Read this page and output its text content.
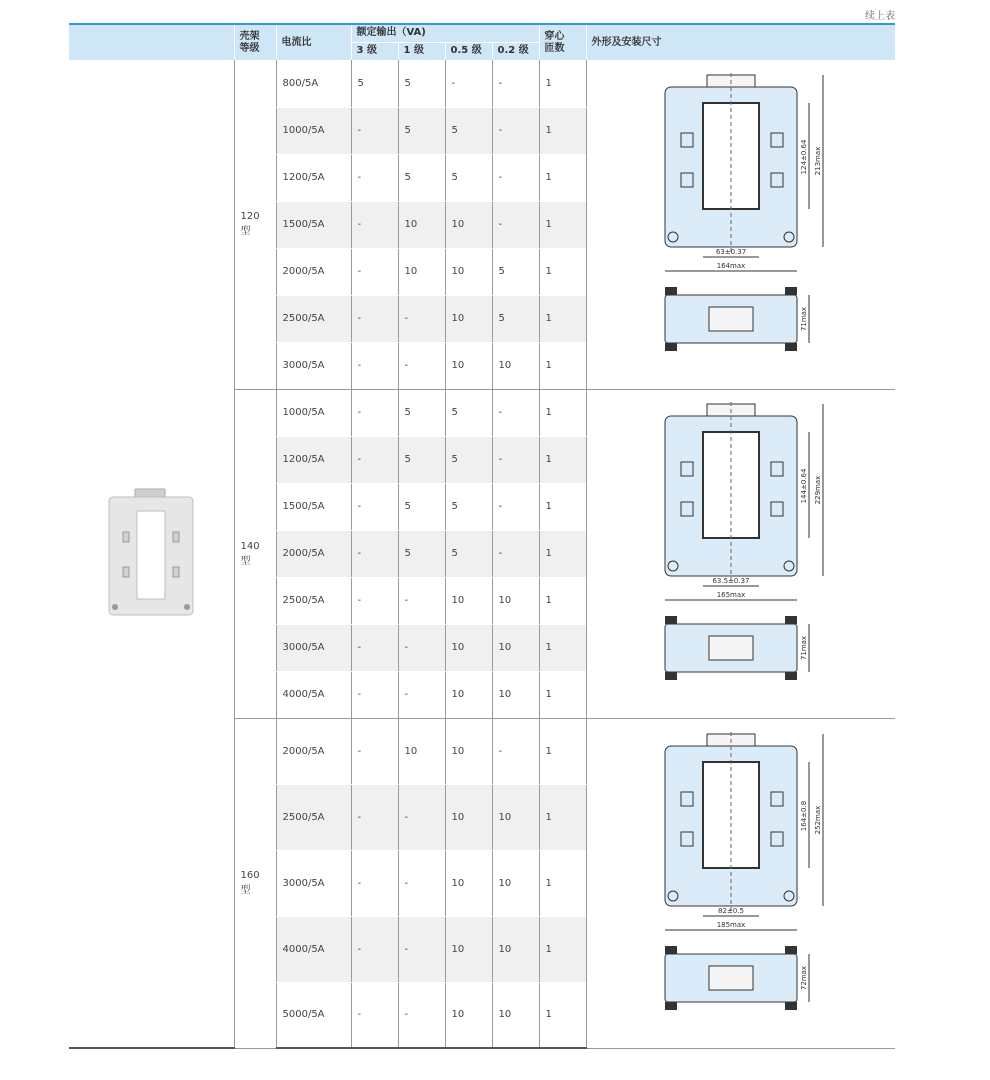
续上表
	壳架
等级	电流比	额定输出（VA)				穿心
匝数	外形及安装尺寸
			3 级	1 级	0.5 级	0.2 级		
	120 型	800/5A	5	5	-	-	1	63±0.37
164max
124±0.64 213max
71max

		1000/5A	-	5	5	-	1	
		1200/5A	-	5	5	-	1	
		1500/5A	-	10	10	-	1	
		2000/5A	-	10	10	5	1	
		2500/5A	-	-	10	5	1	
		3000/5A	-	-	10	10	1	
	140 型	1000/5A	-	5	5	-	1	63.5±0.37
165max
144±0.64 229max
71max

		1200/5A	-	5	5	-	1	
		1500/5A	-	5	5	-	1	
		2000/5A	-	5	5	-	1	
		2500/5A	-	-	10	10	1	
		3000/5A	-	-	10	10	1	
		4000/5A	-	-	10	10	1	
	160 型	2000/5A	-	10	10	-	1	82±0.5
185max
164±0.8 252max
72max

		2500/5A	-	-	10	10	1	
		3000/5A	-	-	10	10	1	
		4000/5A	-	-	10	10	1	
		5000/5A	-	-	10	10	1	
